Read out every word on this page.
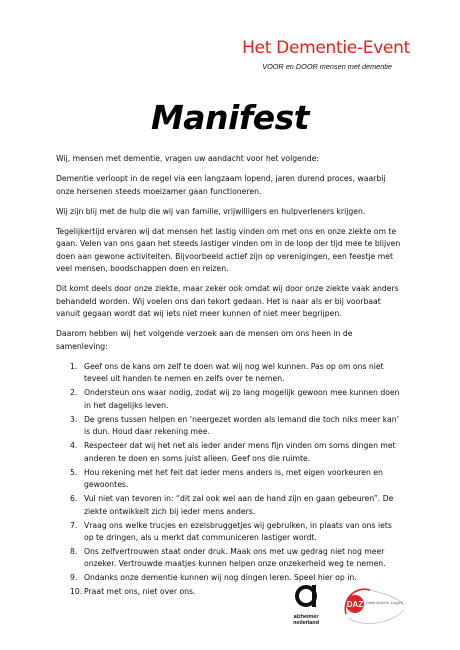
Het Dementie-Event
VOOR en DOOR mensen met dementie
Manifest

Wij, mensen met dementie, vragen uw aandacht voor het volgende:

Dementie verloopt in de regel via een langzaam lopend, jaren durend proces, waarbij onze hersenen steeds moeizamer gaan functioneren.

Wij zijn blij met de hulp die wij van familie, vrijwilligers en hulpverleners krijgen.

Tegelijkertijd ervaren wij dat mensen het lastig vinden om met ons en onze ziekte om te gaan. Velen van ons gaan het steeds lastiger vinden om in de loop der tijd mee te blijven doen aan gewone activiteiten. Bijvoorbeeld actief zijn op verenigingen, een feestje met veel mensen, boodschappen doen en reizen.

Dit komt deels door onze ziekte, maar zeker ook omdat wij door onze ziekte vaak anders behandeld worden. Wij voelen ons dan tekort gedaan. Het is naar als er bij voorbaat vanuit gegaan wordt dat wij iets niet meer kunnen of niet meer begrijpen.

Daarom hebben wij het volgende verzoek aan de mensen om ons heen in de samenleving:

1. Geef ons de kans om zelf te doen wat wij nog wel kunnen. Pas op om ons niet teveel uit handen te nemen en zelfs over te nemen.
2. Ondersteun ons waar nodig, zodat wij zo lang mogelijk gewoon mee kunnen doen in het dagelijks leven.
3. De grens tussen helpen en ‘neergezet worden als iemand die toch niks meer kan’ is dun. Houd daar rekening mee.
4. Respecteer dat wij het net als ieder ander mens fijn vinden om soms dingen met anderen te doen en soms juist alleen. Geef ons die ruimte.
5. Hou rekening met het feit dat ieder mens anders is, met eigen voorkeuren en gewoontes.
6. Vul niet van tevoren in: “dit zal ook wel aan de hand zijn en gaan gebeuren”. De ziekte ontwikkelt zich bij ieder mens anders.
7. Vraag ons welke trucjes en ezelsbruggetjes wij gebruiken, in plaats van ons iets op te dringen, als u merkt dat communiceren lastiger wordt.
8. Ons zelfvertrouwen staat onder druk. Maak ons met uw gedrag niet nog meer onzeker. Vertrouwde maatjes kunnen helpen onze onzekerheid weg te nemen.
9. Ondanks onze dementie kunnen wij nog dingen leren. Speel hier op in.
10. Praat met ons, niet over ons.
alzheimer
nederland
DAZ Delta Andere Zorgen
